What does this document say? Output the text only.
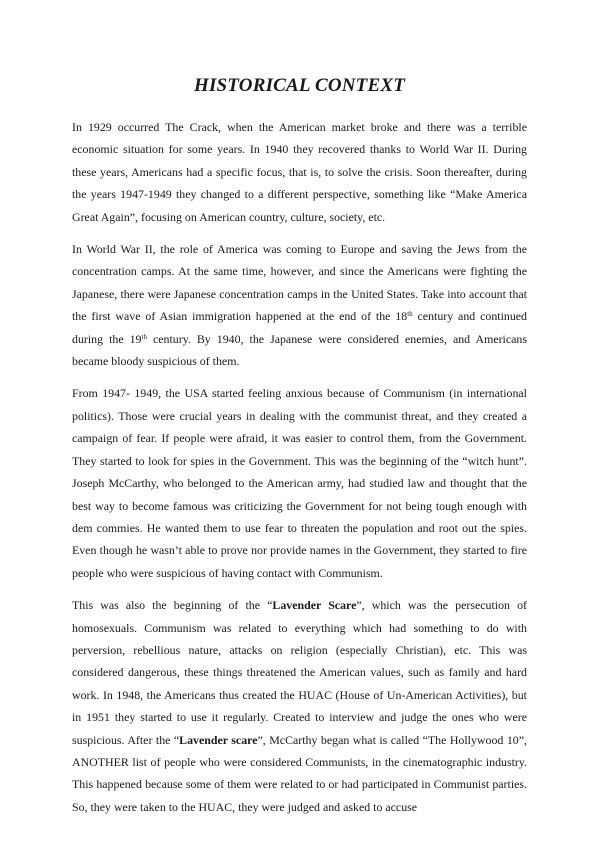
HISTORICAL CONTEXT

In 1929 occurred The Crack, when the American market broke and there was a terrible economic situation for some years. In 1940 they recovered thanks to World War II. During these years, Americans had a specific focus, that is, to solve the crisis. Soon thereafter, during the years 1947-1949 they changed to a different perspective, something like “Make America Great Again”, focusing on American country, culture, society, etc.

In World War II, the role of America was coming to Europe and saving the Jews from the concentration camps. At the same time, however, and since the Americans were fighting the Japanese, there were Japanese concentration camps in the United States. Take into account that the first wave of Asian immigration happened at the end of the 18th century and continued during the 19th century. By 1940, the Japanese were considered enemies, and Americans became bloody suspicious of them.

From 1947- 1949, the USA started feeling anxious because of Communism (in international politics). Those were crucial years in dealing with the communist threat, and they created a campaign of fear. If people were afraid, it was easier to control them, from the Government. They started to look for spies in the Government. This was the beginning of the “witch hunt”. Joseph McCarthy, who belonged to the American army, had studied law and thought that the best way to become famous was criticizing the Government for not being tough enough with dem commies. He wanted them to use fear to threaten the population and root out the spies. Even though he wasn’t able to prove nor provide names in the Government, they started to fire people who were suspicious of having contact with Communism.

This was also the beginning of the “Lavender Scare”, which was the persecution of homosexuals. Communism was related to everything which had something to do with perversion, rebellious nature, attacks on religion (especially Christian), etc. This was considered dangerous, these things threatened the American values, such as family and hard work. In 1948, the Americans thus created the HUAC (House of Un-American Activities), but in 1951 they started to use it regularly. Created to interview and judge the ones who were suspicious. After the “Lavender scare”, McCarthy began what is called “The Hollywood 10”, ANOTHER list of people who were considered Communists, in the cinematographic industry. This happened because some of them were related to or had participated in Communist parties. So, they were taken to the HUAC, they were judged and asked to accuse
